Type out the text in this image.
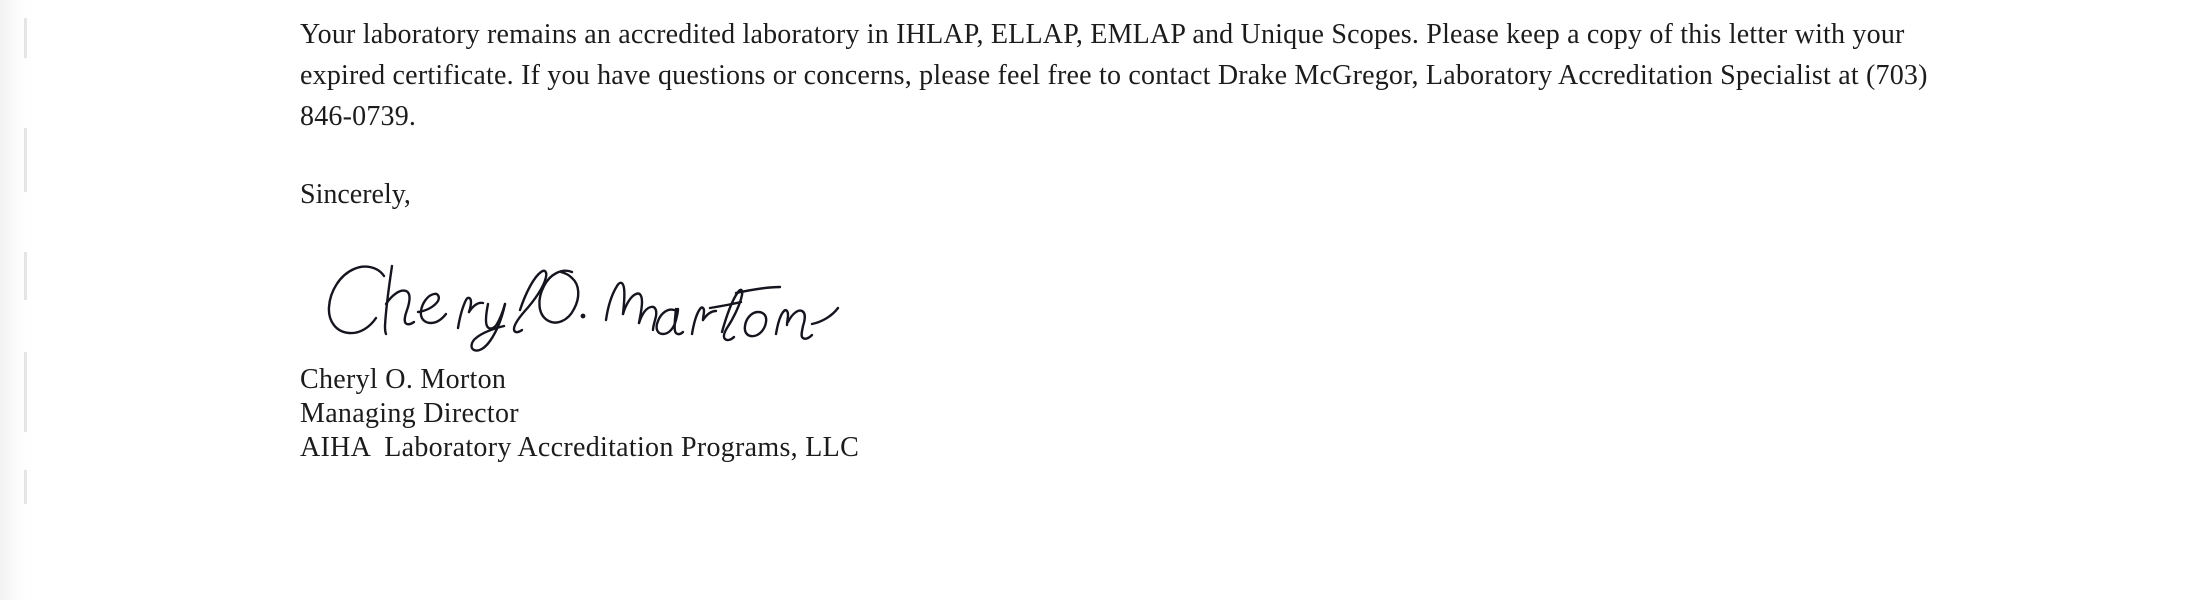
Your laboratory remains an accredited laboratory in IHLAP, ELLAP, EMLAP and Unique Scopes. Please keep a copy of this letter with your expired certificate. If you have questions or concerns, please feel free to contact Drake McGregor, Laboratory Accreditation Specialist at (703) 846-0739.

Sincerely,
Cheryl O. Morton
Managing Director
AIHA  Laboratory Accreditation Programs, LLC
